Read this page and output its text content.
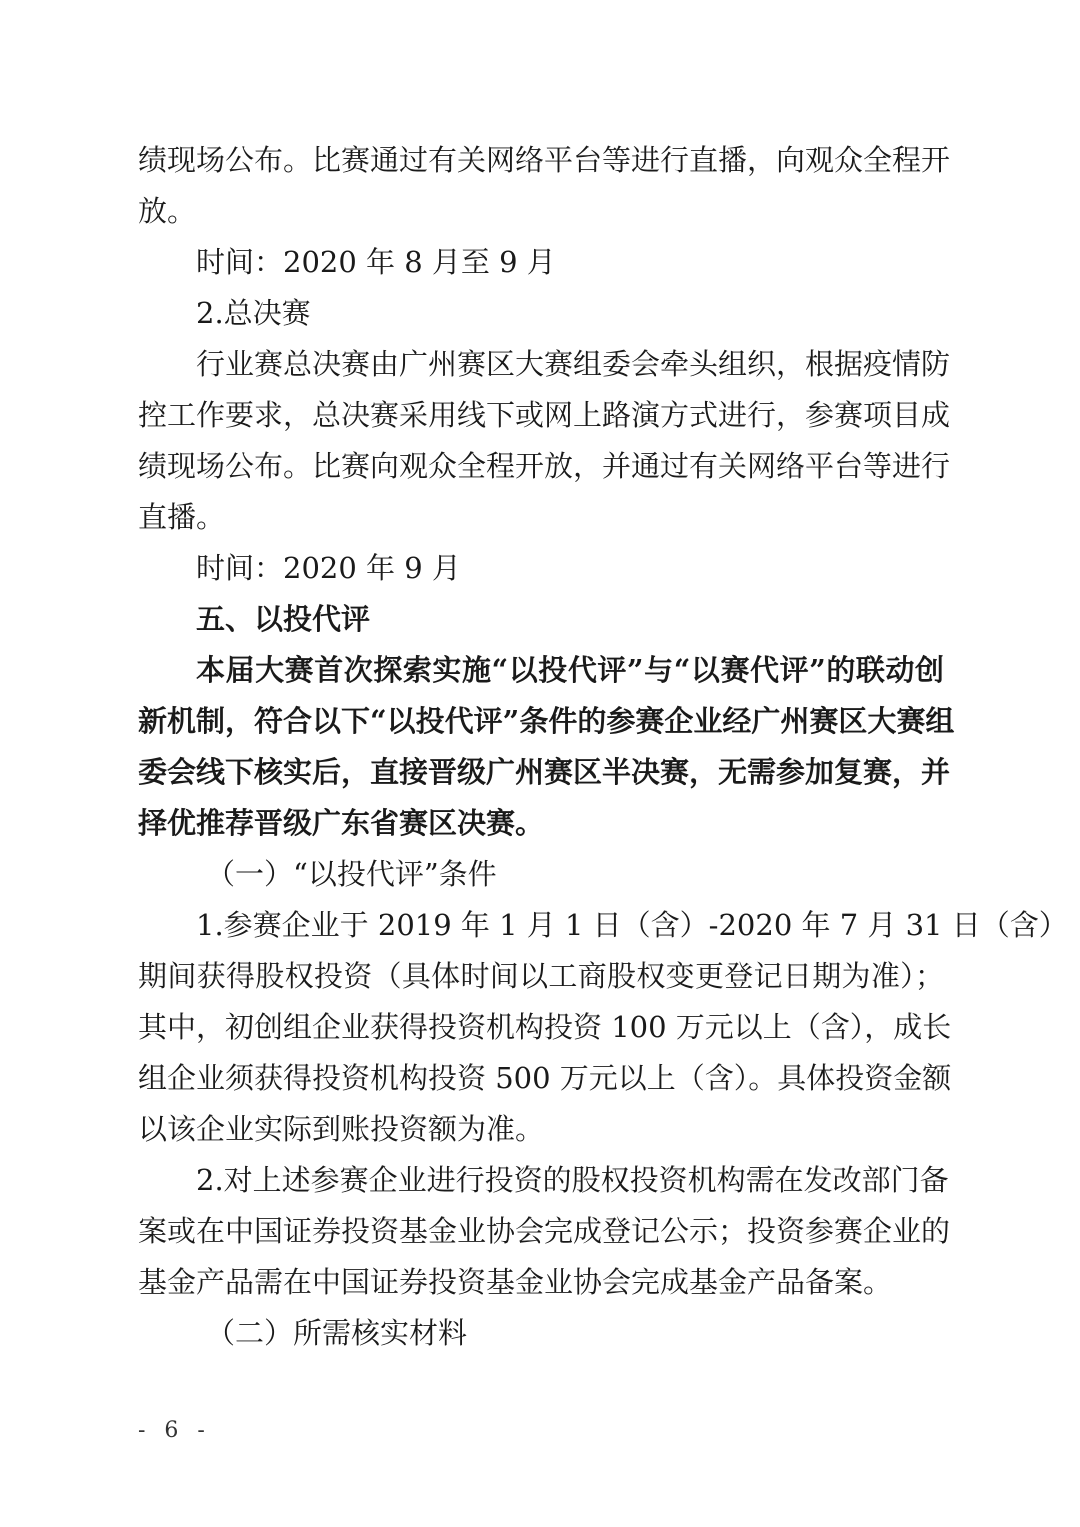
绩现场公布。比赛通过有关网络平台等进行直播，向观众全程开
放。
时间：2020 年 8 月至 9 月
2.总决赛
行业赛总决赛由广州赛区大赛组委会牵头组织，根据疫情防
控工作要求，总决赛采用线下或网上路演方式进行，参赛项目成
绩现场公布。比赛向观众全程开放，并通过有关网络平台等进行
直播。
时间：2020 年 9 月
五、以投代评
本届大赛首次探索实施“以投代评”与“以赛代评”的联动创
新机制，符合以下“以投代评”条件的参赛企业经广州赛区大赛组
委会线下核实后，直接晋级广州赛区半决赛，无需参加复赛，并
择优推荐晋级广东省赛区决赛。
（一）“以投代评”条件
1.参赛企业于 2019 年 1 月 1 日（含）-2020 年 7 月 31 日（含）
期间获得股权投资（具体时间以工商股权变更登记日期为准）；
其中，初创组企业获得投资机构投资 100 万元以上（含），成长
组企业须获得投资机构投资 500 万元以上（含）。具体投资金额
以该企业实际到账投资额为准。
2.对上述参赛企业进行投资的股权投资机构需在发改部门备
案或在中国证券投资基金业协会完成登记公示；投资参赛企业的
基金产品需在中国证券投资基金业协会完成基金产品备案。
（二）所需核实材料
- 6 -
